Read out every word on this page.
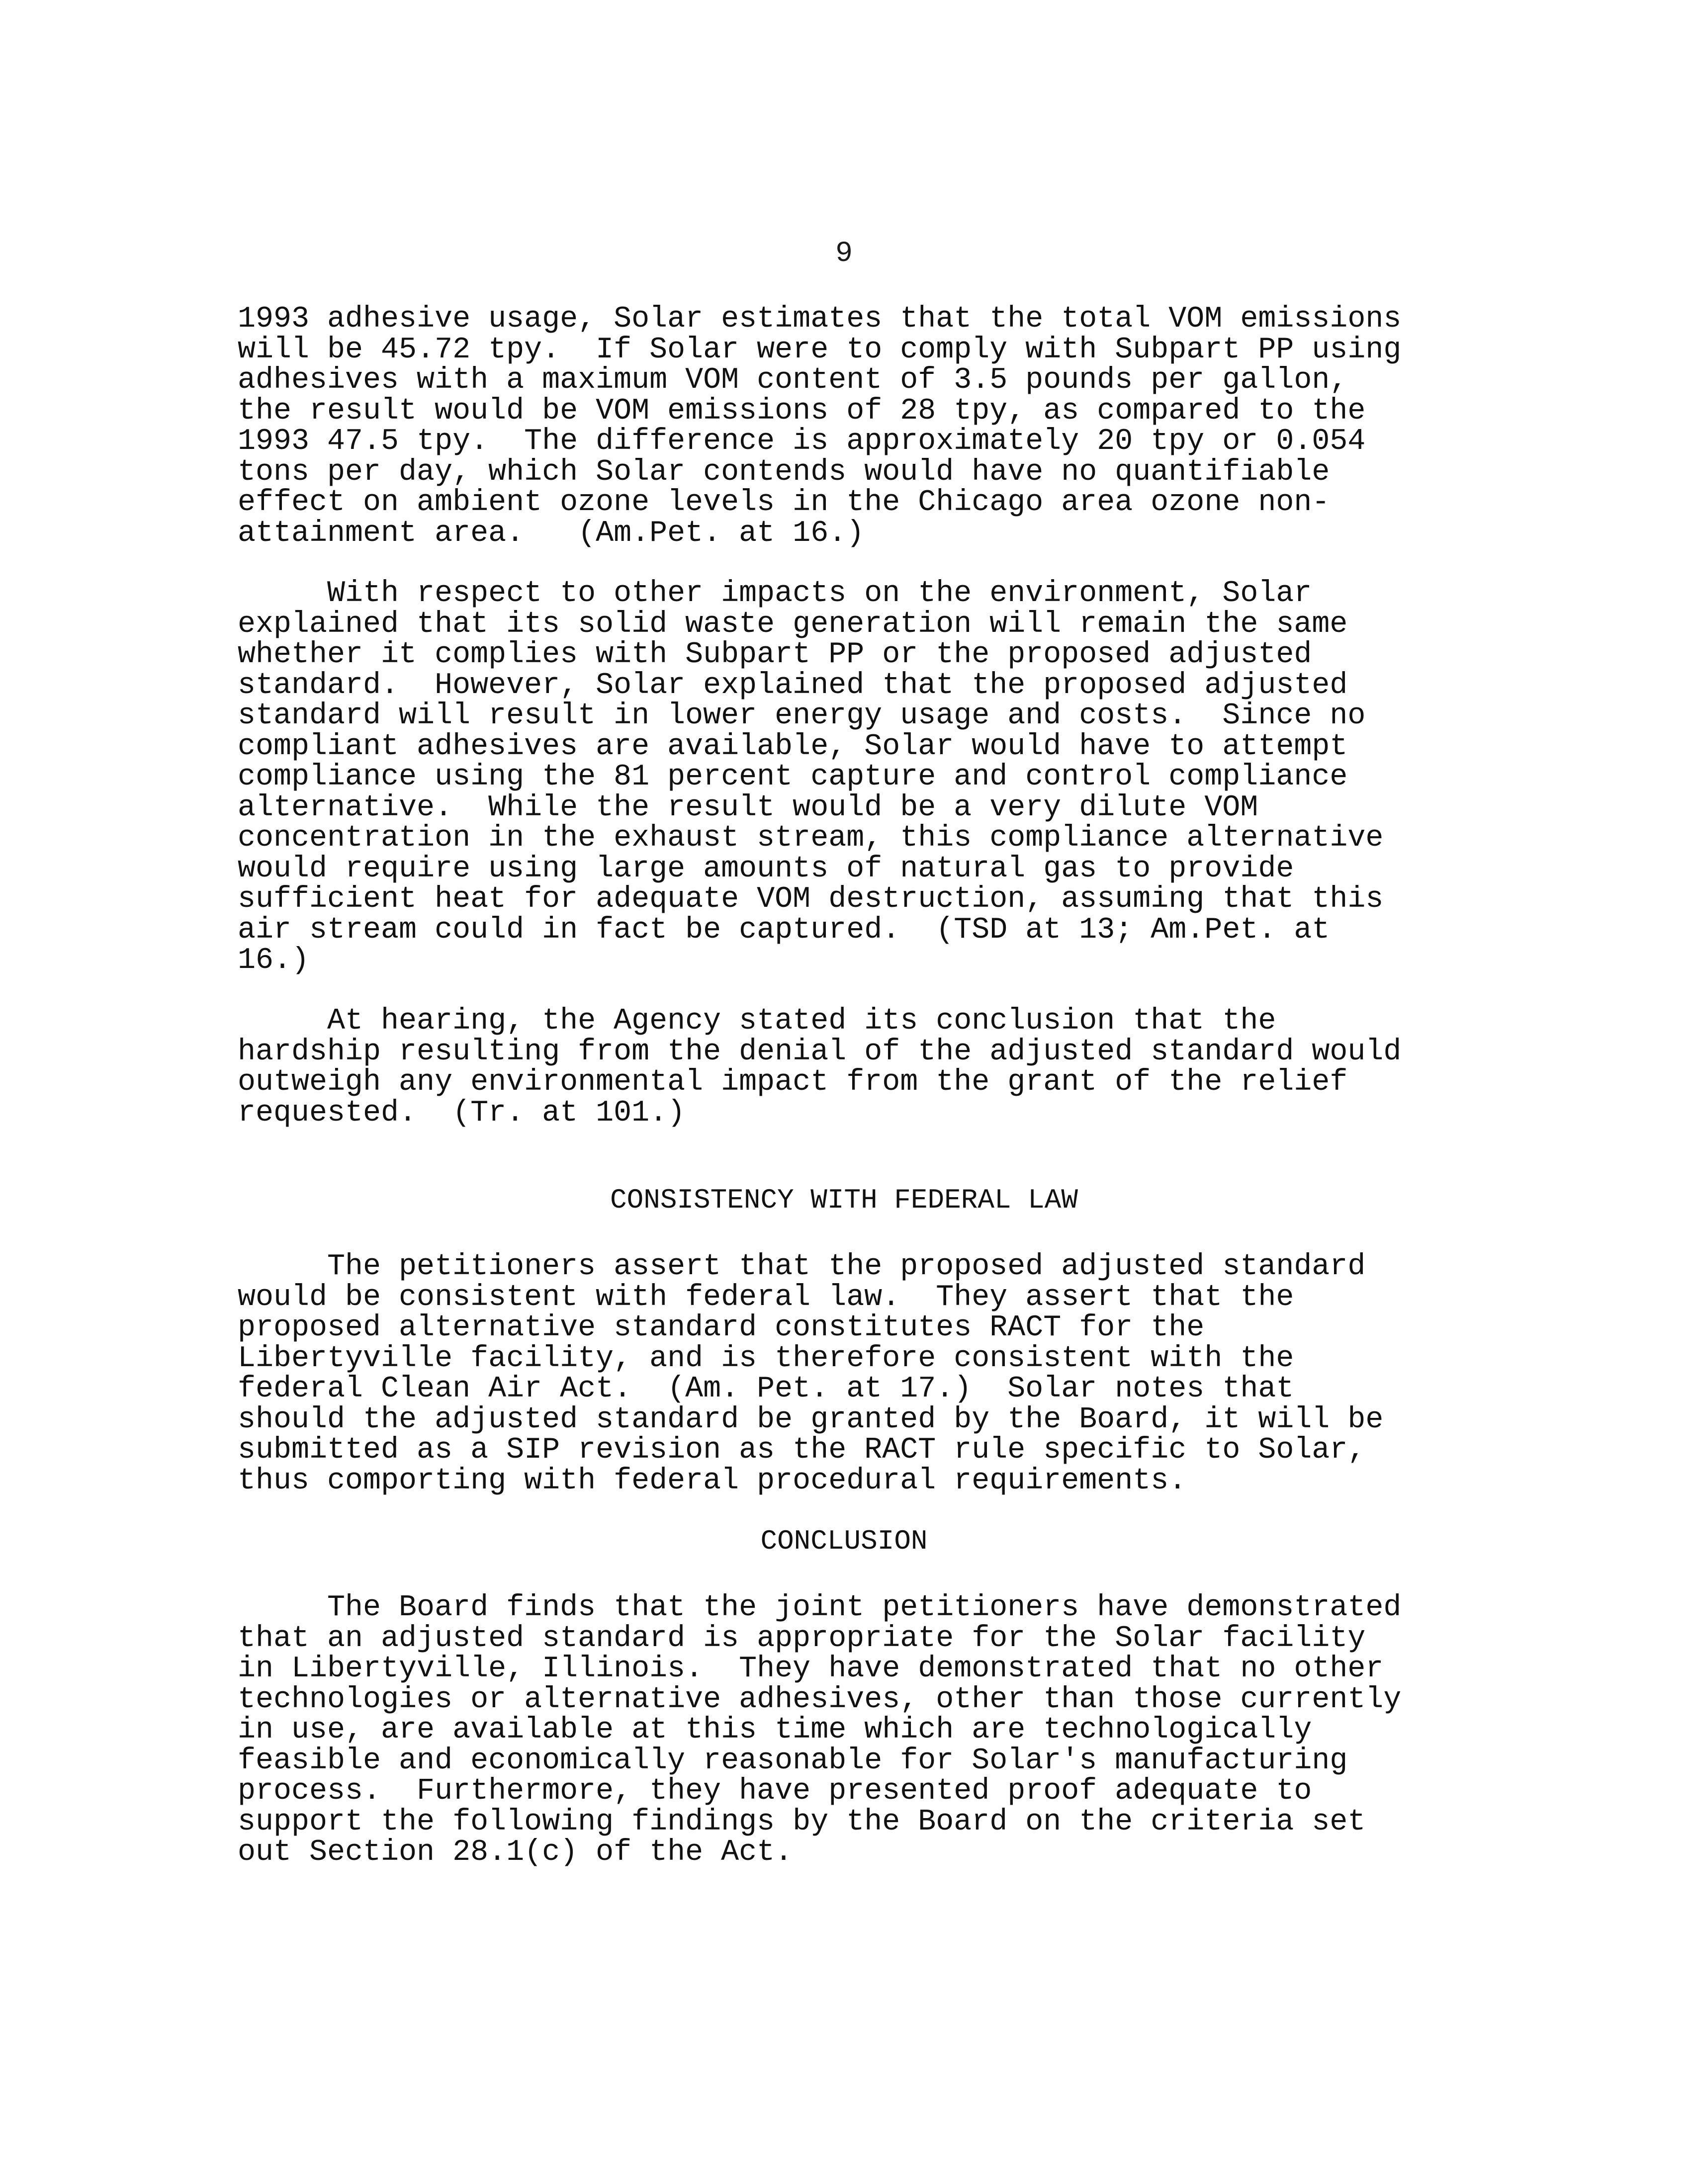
9
1993 adhesive usage, Solar estimates that the total VOM emissions
will be 45.72 tpy.  If Solar were to comply with Subpart PP using
adhesives with a maximum VOM content of 3.5 pounds per gallon,
the result would be VOM emissions of 28 tpy, as compared to the
1993 47.5 tpy.  The difference is approximately 20 tpy or 0.054
tons per day, which Solar contends would have no quantifiable
effect on ambient ozone levels in the Chicago area ozone non-
attainment area.   (Am.Pet. at 16.)
With respect to other impacts on the environment, Solar
explained that its solid waste generation will remain the same
whether it complies with Subpart PP or the proposed adjusted
standard.  However, Solar explained that the proposed adjusted
standard will result in lower energy usage and costs.  Since no
compliant adhesives are available, Solar would have to attempt
compliance using the 81 percent capture and control compliance
alternative.  While the result would be a very dilute VOM
concentration in the exhaust stream, this compliance alternative
would require using large amounts of natural gas to provide
sufficient heat for adequate VOM destruction, assuming that this
air stream could in fact be captured.  (TSD at 13; Am.Pet. at
16.)
At hearing, the Agency stated its conclusion that the
hardship resulting from the denial of the adjusted standard would
outweigh any environmental impact from the grant of the relief
requested.  (Tr. at 101.)
CONSISTENCY WITH FEDERAL LAW
The petitioners assert that the proposed adjusted standard
would be consistent with federal law.  They assert that the
proposed alternative standard constitutes RACT for the
Libertyville facility, and is therefore consistent with the
federal Clean Air Act.  (Am. Pet. at 17.)  Solar notes that
should the adjusted standard be granted by the Board, it will be
submitted as a SIP revision as the RACT rule specific to Solar,
thus comporting with federal procedural requirements.
CONCLUSION
The Board finds that the joint petitioners have demonstrated
that an adjusted standard is appropriate for the Solar facility
in Libertyville, Illinois.  They have demonstrated that no other
technologies or alternative adhesives, other than those currently
in use, are available at this time which are technologically
feasible and economically reasonable for Solar's manufacturing
process.  Furthermore, they have presented proof adequate to
support the following findings by the Board on the criteria set
out Section 28.1(c) of the Act.
